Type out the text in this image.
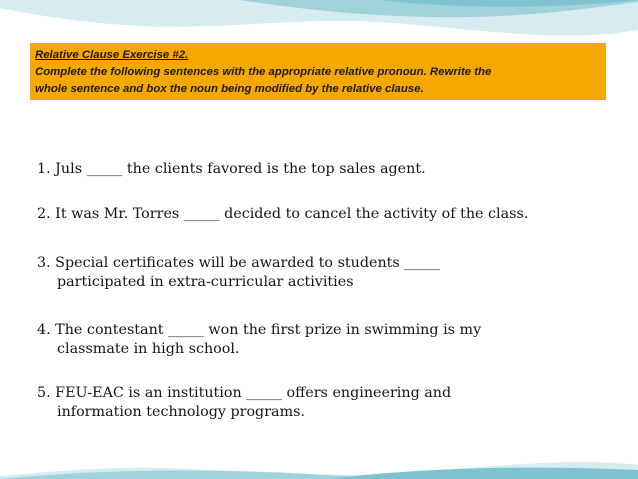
Relative Clause Exercise #2.
Complete the following sentences with the appropriate relative pronoun. Rewrite the
whole sentence and box the noun being modified by the relative clause.
1. Juls _____ the clients favored is the top sales agent.
2. It was Mr. Torres _____ decided to cancel the activity of the class.
3. Special certificates will be awarded to students _____
participated in extra-curricular activities
4. The contestant _____ won the first prize in swimming is my
classmate in high school.
5. FEU-EAC is an institution _____ offers engineering and
information technology programs.
